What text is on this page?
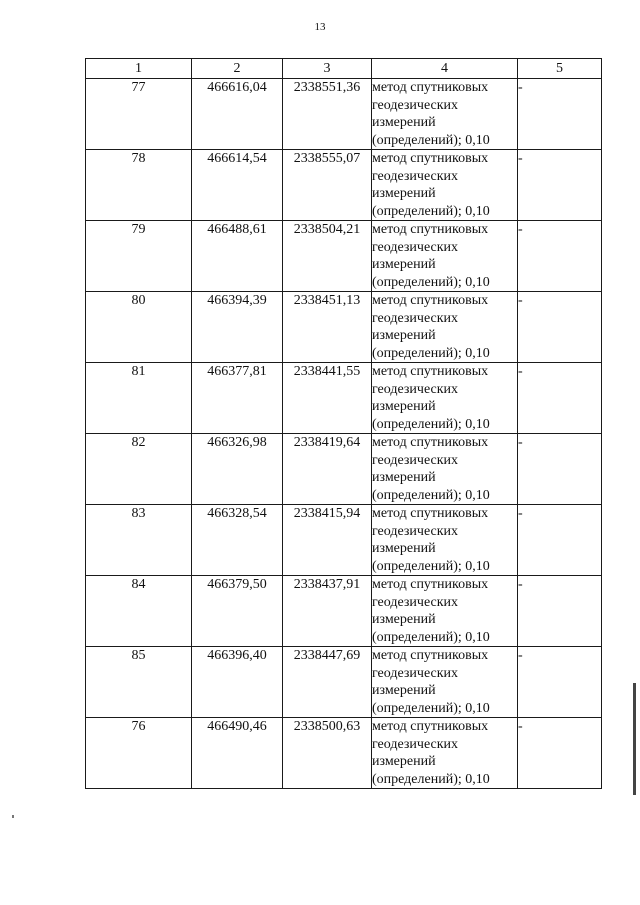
13
1	2	3	4	5
77	466616,04	2338551,36	метод спутниковых
геодезических
измерений
(определений); 0,10	-
78	466614,54	2338555,07	метод спутниковых
геодезических
измерений
(определений); 0,10	-
79	466488,61	2338504,21	метод спутниковых
геодезических
измерений
(определений); 0,10	-
80	466394,39	2338451,13	метод спутниковых
геодезических
измерений
(определений); 0,10	-
81	466377,81	2338441,55	метод спутниковых
геодезических
измерений
(определений); 0,10	-
82	466326,98	2338419,64	метод спутниковых
геодезических
измерений
(определений); 0,10	-
83	466328,54	2338415,94	метод спутниковых
геодезических
измерений
(определений); 0,10	-
84	466379,50	2338437,91	метод спутниковых
геодезических
измерений
(определений); 0,10	-
85	466396,40	2338447,69	метод спутниковых
геодезических
измерений
(определений); 0,10	-
76	466490,46	2338500,63	метод спутниковых
геодезических
измерений
(определений); 0,10	-
